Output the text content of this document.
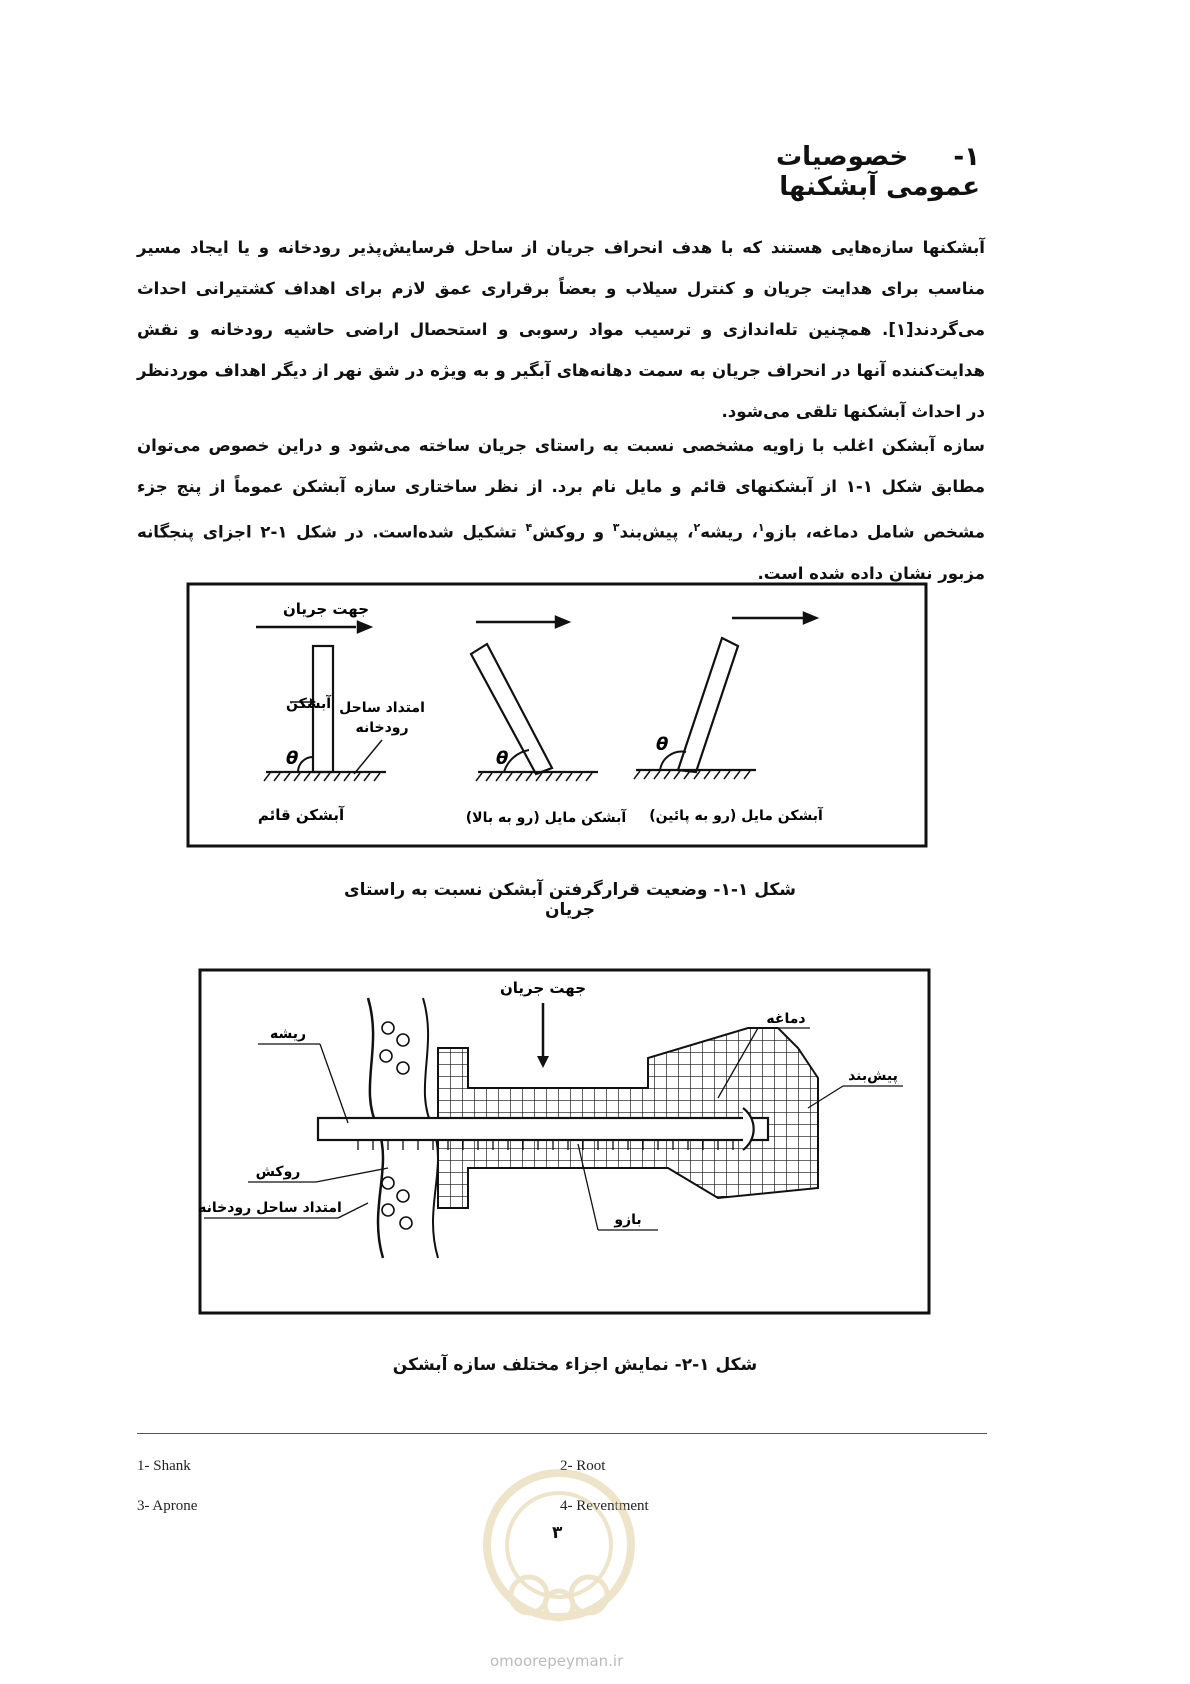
۱- خصوصیات عمومی آبشکنها
آبشکنها سازه‌هایی هستند که با هدف انحراف جریان از ساحل فرسایش‌پذیر رودخانه و یا ایجاد مسیر مناسب برای هدایت جریان و کنترل سیلاب و بعضاً برقراری عمق لازم برای اهداف کشتیرانی احداث می‌گردند[۱]. همچنین تله‌اندازی و ترسیب مواد رسوبی و استحصال اراضی حاشیه رودخانه و نقش هدایت‌کننده آنها در انحراف جریان به سمت دهانه‌های آبگیر و به ویژه در شق نهر از دیگر اهداف موردنظر در احداث آبشکنها تلقی می‌شود.
سازه آبشکن اغلب با زاویه مشخصی نسبت به راستای جریان ساخته می‌شود و دراین خصوص می‌توان مطابق شکل ۱-۱ از آبشکنهای قائم و مایل نام برد. از نظر ساختاری سازه آبشکن عموماً از پنج جزء مشخص شامل دماغه، بازو$^۱$، ریشه$^۲$، پیش‌بند$^۳$ و روکش$^۴$ تشکیل شده‌است. در شکل ۱-۲ اجزای پنجگانه مزبور نشان داده شده است.
جهت جریان
θ
آبشکن امتداد ساحل
رودخانه
آبشکن قائم
θ
آبشکن مایل (رو به بالا)
θ
آبشکن مایل (رو به پائین)
شکل ۱-۱- وضعیت قرارگرفتن آبشکن نسبت به راستای جریان
جهت جریان
ریشه
دماغه
پیش‌بند
روکش
امتداد ساحل رودخانه
بازو
شکل ۱-۲- نمایش اجزاء مختلف سازه آبشکن
1- Shank	2- Root
3- Aprone	4- Reventment
۳
omoorepeyman.ir
